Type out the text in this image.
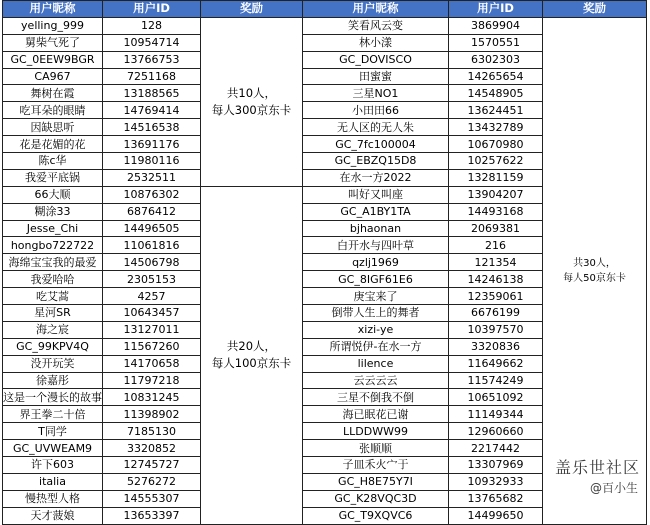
用户昵称	用户ID	奖励
yelling_999	128	共10人，
每人300京东卡

舅柴气死了	10954714	
GC_0EEW9BGR	13766753	
CA967	7251168	
舞树在霞	13188565	
吃耳朵的眼睛	14769414	
因缺思听	14516538	
花是花媚的花	13691176	
陈c华	11980116	
我爱平底锅	2532511	
66大顺	10876302	共20人，
每人100京东卡

糊涂33	6876412	
Jesse_Chi	14496505	
hongbo722722	11061816	
海绵宝宝我的最爱	14506798	
我爱哈哈	2305153	
吃艾蒿	4257	
星河SR	10643457	
海之宸	13127011	
GC_99KPV4Q	11567260	
没开玩笑	14170658	
徐嘉彤	11797218	
这是一个漫长的故事	10831245	
界王拳二十倍	11398902	
T同学	7185130	
GC_UVWEAM9	3320852	
许下603	12745727	
italia	5276272	
慢热型人格	14555307	
天才菠娘	13653397	
用户昵称	用户ID	奖励
笑看风云变	3869904	共30人，
每人50京东卡

林小漾	1570551	
GC_DOVISCO	6302303	
田蜜蜜	14265654	
三星NO1	14548905	
小田田66	13624451	
无人区的无人朱	13432789	
GC_7fc100004	10670980	
GC_EBZQ15D8	10257622	
在水一方2022	13281159	
叫好又叫座	13904207	
GC_A1BY1TA	14493168	
bjhaonan	2069381	
白开水与四叶草	216	
qzlj1969	121354	
GC_8IGF61E6	14246138	
庚宝来了	12359061	
倒带人生上的舞者	6676199	
xizi-ye	10397570	
所谓悦伊-在水一方	3320836	
lilence	11649662	
云云云云	11574249	
三星不倒我不倒	10651092	
海已眠花已谢	11149344	
LLDDWW99	12960660	
张顺顺	2217442	
子皿禾火宀于	13307969	
GC_H8E75Y7I	10932933	
GC_K28VQC3D	13765682	
GC_T9XQVC6	14499650	
盖乐世社区
@百小生
